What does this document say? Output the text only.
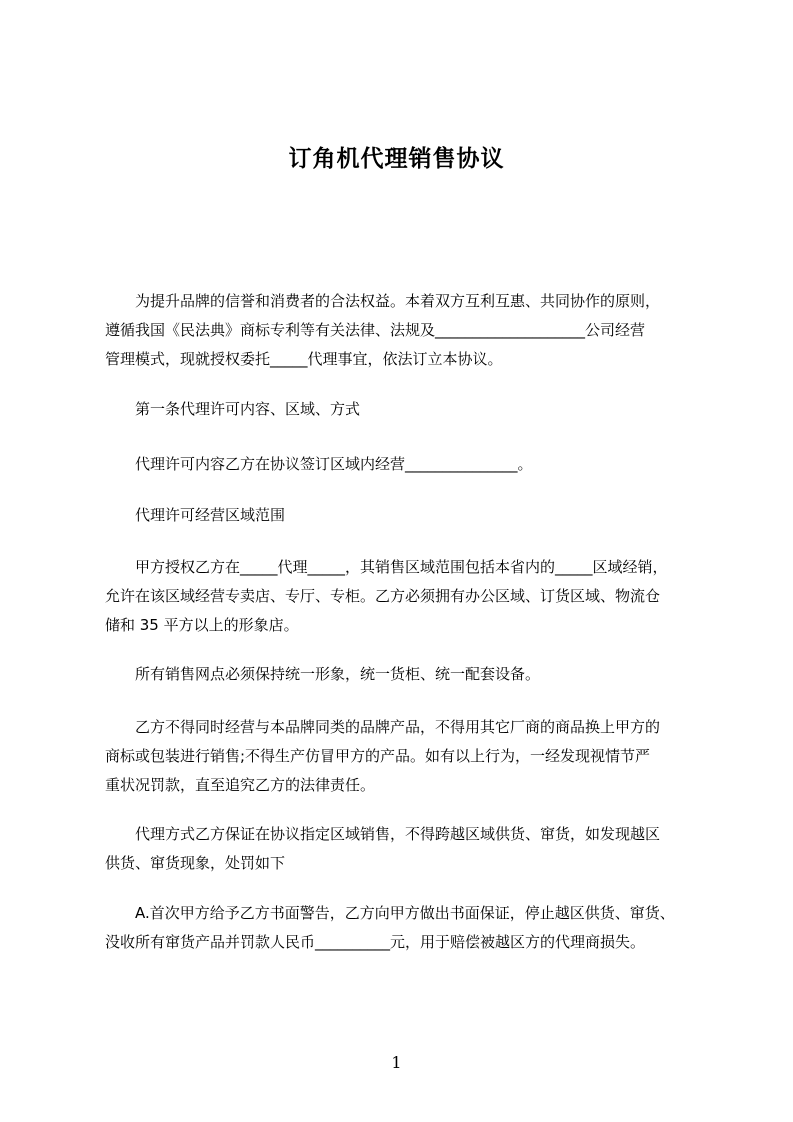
订角机代理销售协议
　　为提升品牌的信誉和消费者的合法权益。本着双方互利互惠、共同协作的原则，
遵循我国《民法典》商标专利等有关法律、法规及____________________公司经营
管理模式，现就授权委托_____代理事宜，依法订立本协议。
　　第一条代理许可内容、区域、方式
　　代理许可内容乙方在协议签订区域内经营_______________。
　　代理许可经营区域范围
　　甲方授权乙方在_____代理_____，其销售区域范围包括本省内的_____区域经销，
允许在该区域经营专卖店、专厅、专柜。乙方必须拥有办公区域、订货区域、物流仓
储和 35 平方以上的形象店。
　　所有销售网点必须保持统一形象，统一货柜、统一配套设备。
　　乙方不得同时经营与本品牌同类的品牌产品，不得用其它厂商的商品换上甲方的
商标或包装进行销售;不得生产仿冒甲方的产品。如有以上行为，一经发现视情节严
重状况罚款，直至追究乙方的法律责任。
　　代理方式乙方保证在协议指定区域销售，不得跨越区域供货、窜货，如发现越区
供货、窜货现象，处罚如下
　　A.首次甲方给予乙方书面警告，乙方向甲方做出书面保证，停止越区供货、窜货、
没收所有窜货产品并罚款人民币__________元，用于赔偿被越区方的代理商损失。
1
